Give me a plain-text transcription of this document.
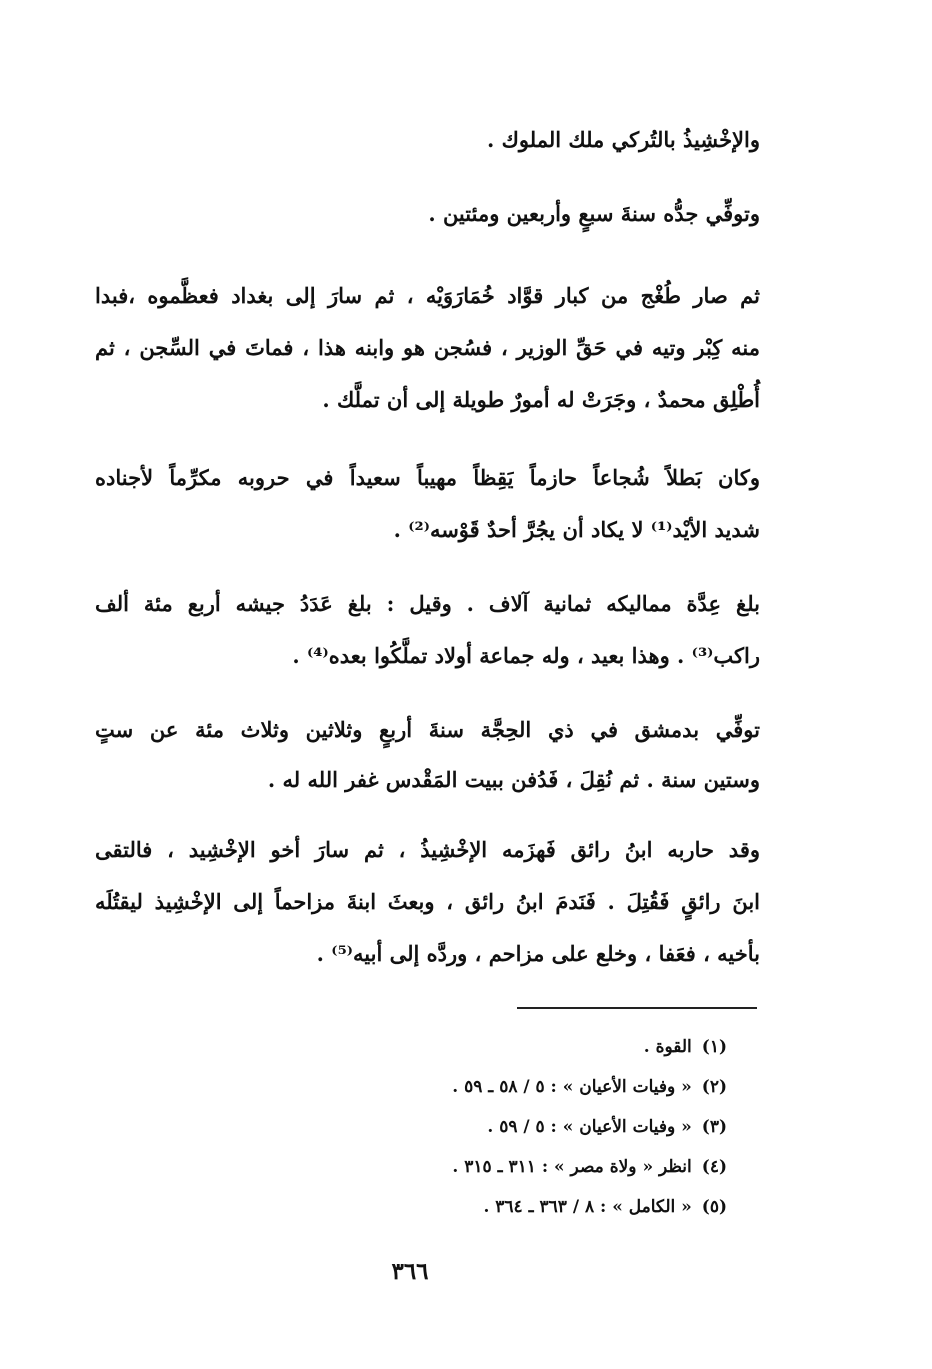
والإخْشِيذُ بالتُركي ملك الملوك .
وتوفِّي جدُّه سنةَ سبعٍ وأربعين ومئتين .
ثم صار طُغْج من كبار قوَّاد خُمَارَوَيْه ، ثم سارَ إلى بغداد فعظَّموه ،فبدا
منه كِبْر وتيه في حَقِّ الوزير ، فسُجن هو وابنه هذا ، فماتَ في السِّجن ، ثم
أُطْلِق محمدٌ ، وجَرَتْ له أمورٌ طويلة إلى أن تملَّك .
وكان بَطلاً شُجاعاً حازماً يَقِظاً مهيباً سعيداً في حروبه مكرِّماً لأجناده
شديد الأيْد⁽¹⁾ لا يكاد أن يجُرَّ أحدٌ قَوْسه⁽²⁾ .
بلغ عِدَّة مماليكه ثمانية آلاف . وقيل : بلغ عَدَدُ جيشه أربع مئة ألف
راكب⁽³⁾ . وهذا بعيد ، وله جماعة أولاد تملَّكُوا بعده⁽⁴⁾ .
توفِّي بدمشق في ذي الحِجَّة سنةَ أربعٍ وثلاثين وثلاث مئة عن ستٍ
وستين سنة . ثم نُقِلَ ، فَدُفن ببيت المَقْدس غفر الله له .
وقد حاربه ابنُ رائق فَهزَمه الإخْشِيذُ ، ثم سارَ أخو الإخْشِيد ، فالتقى
ابنَ رائقٍ فَقُتِلَ . فَنَدمَ ابنُ رائق ، وبعثَ ابنةَ مزاحماً إلى الإخْشِيذ ليقتُلَه
بأخيه ، فعَفا ، وخلع على مزاحم ، وردَّه إلى أبيه⁽⁵⁾ .
(١)القوة .
(٢)« وفيات الأعيان » : ٥ / ٥٨ ـ ٥٩ .
(٣)« وفيات الأعيان » : ٥ / ٥٩ .
(٤)انظر « ولاة مصر » : ٣١١ ـ ٣١٥ .
(٥)« الكامل » : ٨ / ٣٦٣ ـ ٣٦٤ .
٣٦٦
